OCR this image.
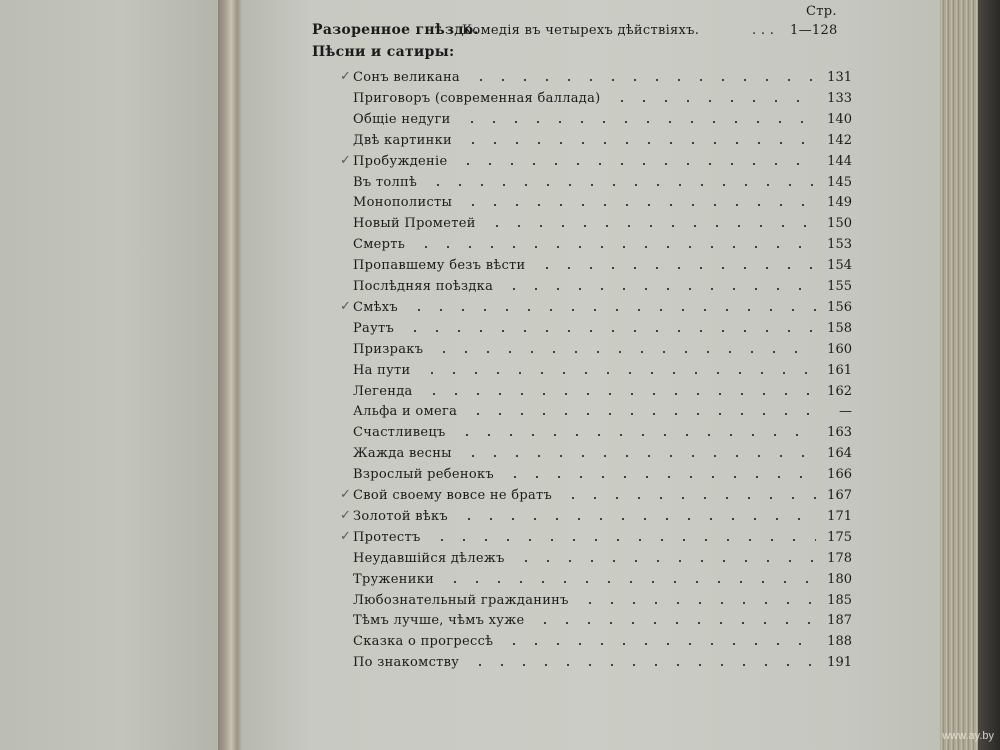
Стр.
Разоренное гнѣздо.
Комедія въ четырехъ дѣйствіяхъ.	. . . 1—128
Пѣсни и сатиры:
www.ay.by
✓ Сонъ великана	131
Приговоръ (современная баллада)	133
Общіе недуги	140
Двѣ картинки	142
✓ Пробужденіе	144
Въ толпѣ	145
Монополисты	149
Новый Прометей	150
Смерть	153
Пропавшему безъ вѣсти	154
Послѣдняя поѣздка	155
✓ Смѣхъ	156
Раутъ	158
Призракъ	160
На пути	161
Легенда	162
Альфа и омега	—
Счастливецъ	163
Жажда весны	164
Взрослый ребенокъ	166
✓ Свой своему вовсе не братъ	167
✓ Золотой вѣкъ	171
✓ Протестъ	175
Неудавшійся дѣлежъ	178
Труженики	180
Любознательный гражданинъ	185
Тѣмъ лучше, чѣмъ хуже	187
Сказка о прогрессѣ	188
По знакомству	191
